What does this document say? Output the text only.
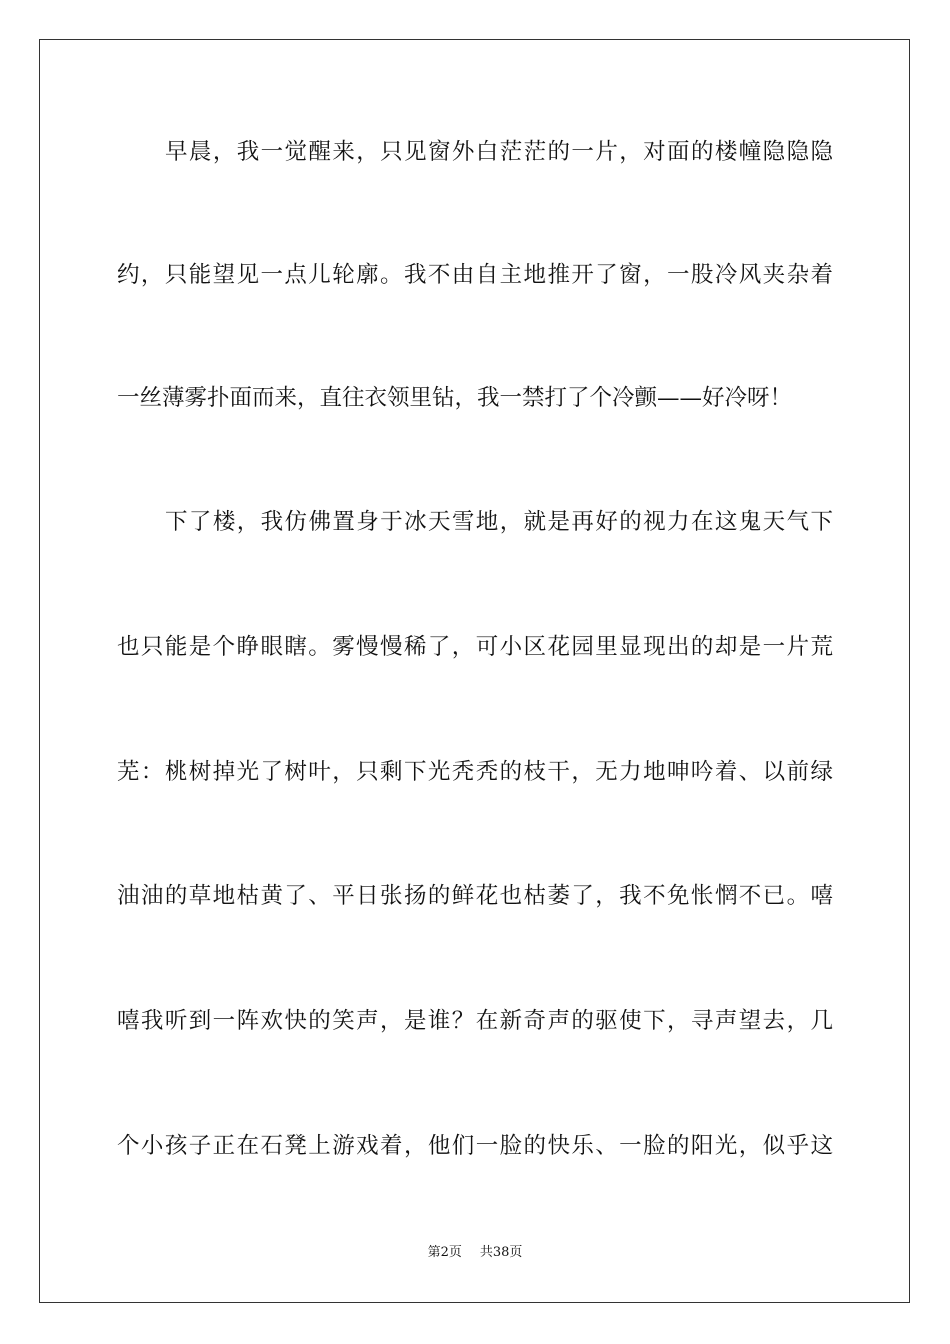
早晨，我一觉醒来，只见窗外白茫茫的一片，对面的楼幢隐隐隐
约，只能望见一点儿轮廓。我不由自主地推开了窗，一股冷风夹杂着
一丝薄雾扑面而来，直往衣领里钻，我一禁打了个冷颤——好冷呀！
下了楼，我仿佛置身于冰天雪地，就是再好的视力在这鬼天气下
也只能是个睁眼瞎。雾慢慢稀了，可小区花园里显现出的却是一片荒
芜：桃树掉光了树叶，只剩下光秃秃的枝干，无力地呻吟着、以前绿
油油的草地枯黄了、平日张扬的鲜花也枯萎了，我不免怅惘不已。嘻
嘻我听到一阵欢快的笑声，是谁？在新奇声的驱使下，寻声望去，几
个小孩子正在石凳上游戏着，他们一脸的快乐、一脸的阳光，似乎这
第2页 共38页
